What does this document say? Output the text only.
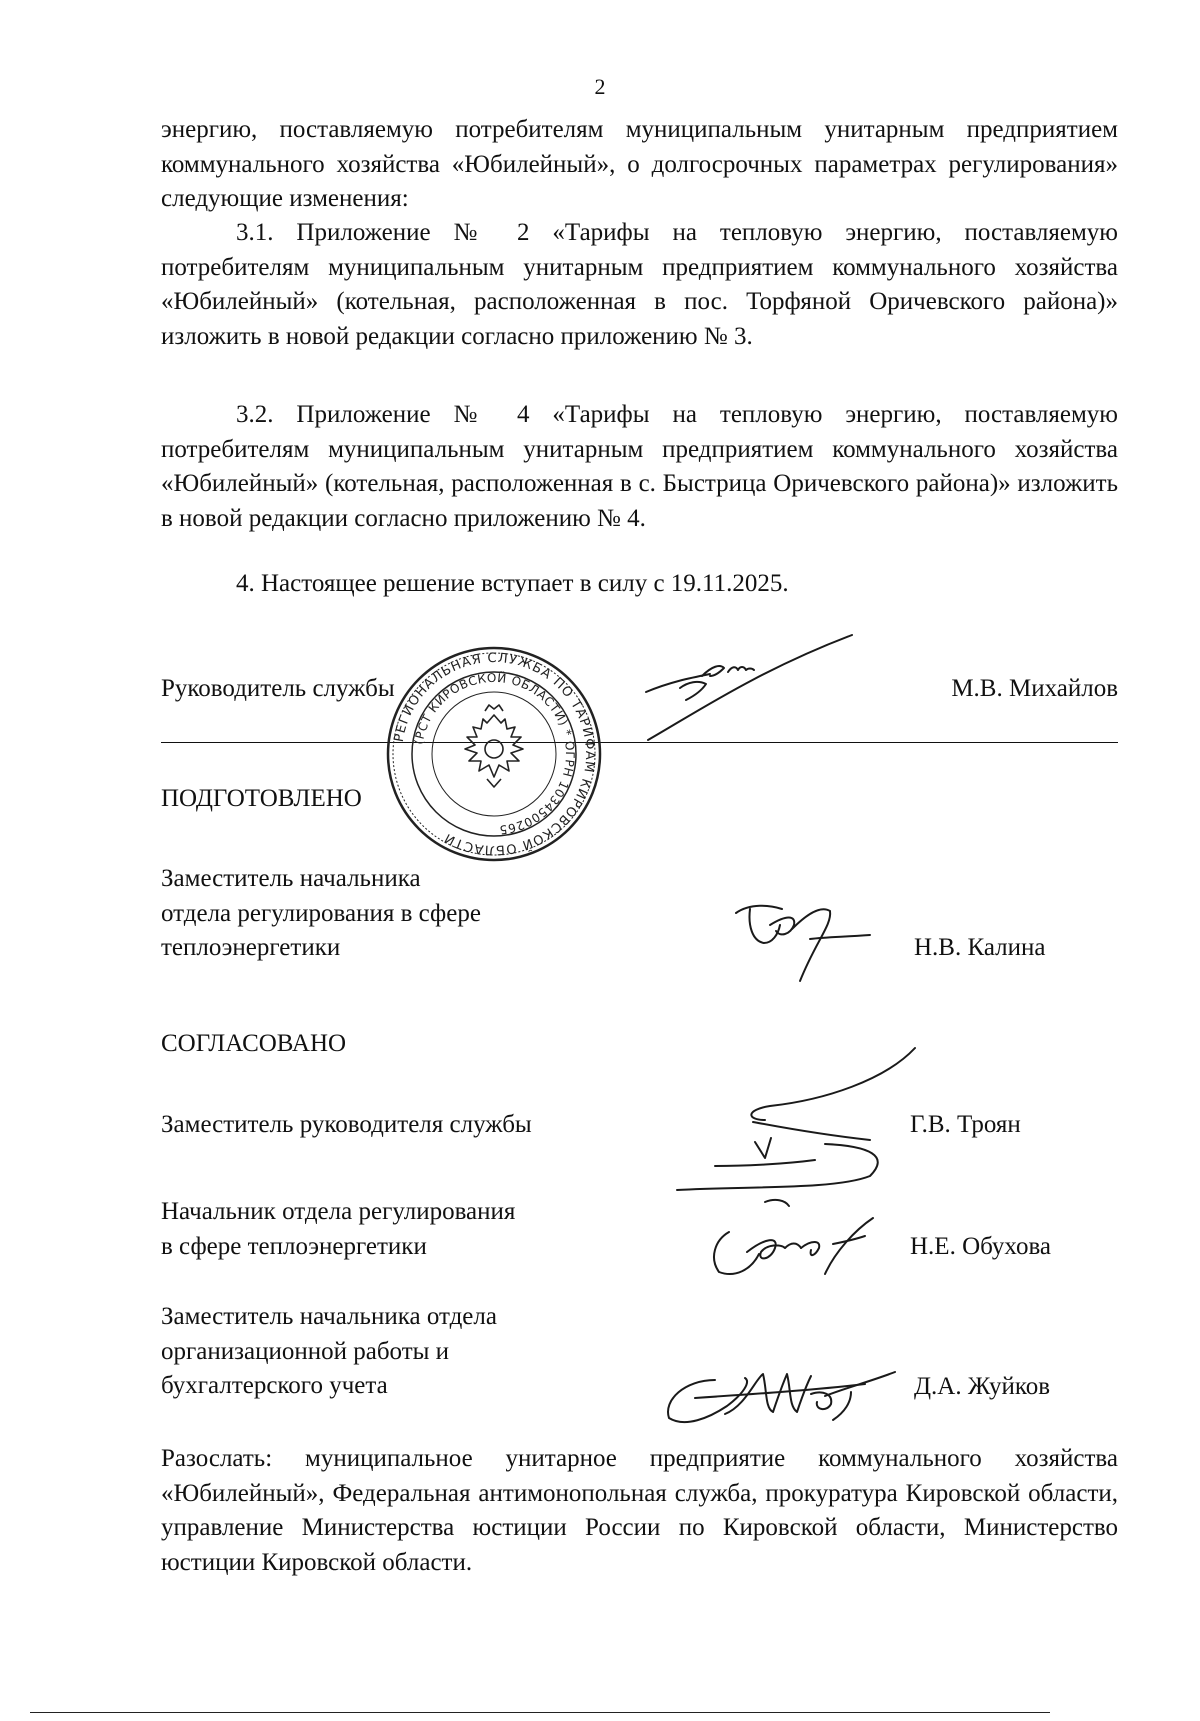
2

энергию, поставляемую потребителям муниципальным унитарным предприятием коммунального хозяйства «Юбилейный», о долгосрочных параметрах регулирования» следующие изменения:

3.1. Приложение № 2 «Тарифы на тепловую энергию, поставляемую потребителям муниципальным унитарным предприятием коммунального хозяйства «Юбилейный» (котельная, расположенная в пос. Торфяной Оричевского района)» изложить в новой редакции согласно приложению № 3.

3.2. Приложение № 4 «Тарифы на тепловую энергию, поставляемую потребителям муниципальным унитарным предприятием коммунального хозяйства «Юбилейный» (котельная, расположенная в с. Быстрица Оричевского района)» изложить в новой редакции согласно приложению № 4.

4. Настоящее решение вступает в силу с 19.11.2025.

Руководитель службы	М.В. Михайлов
РЕГИОНАЛЬНАЯ СЛУЖБА ПО ТАРИФАМ КИРОВСКОЙ ОБЛАСТИ
(РСТ КИРОВСКОЙ ОБЛАСТИ) * ОГРН 1034500265
ПОДГОТОВЛЕНО
Заместитель начальника
отдела регулирования в сфере
теплоэнергетики	Н.В. Калина
СОГЛАСОВАНО
Заместитель руководителя службы	Г.В. Троян
Начальник отдела регулирования
в сфере теплоэнергетики	Н.Е. Обухова
Заместитель начальника отдела
организационной работы и
бухгалтерского учета	Д.А. Жуйков

Разослать: муниципальное унитарное предприятие коммунального хозяйства «Юбилейный», Федеральная антимонопольная служба, прокуратура Кировской области, управление Министерства юстиции России по Кировской области, Министерство юстиции Кировской области.
